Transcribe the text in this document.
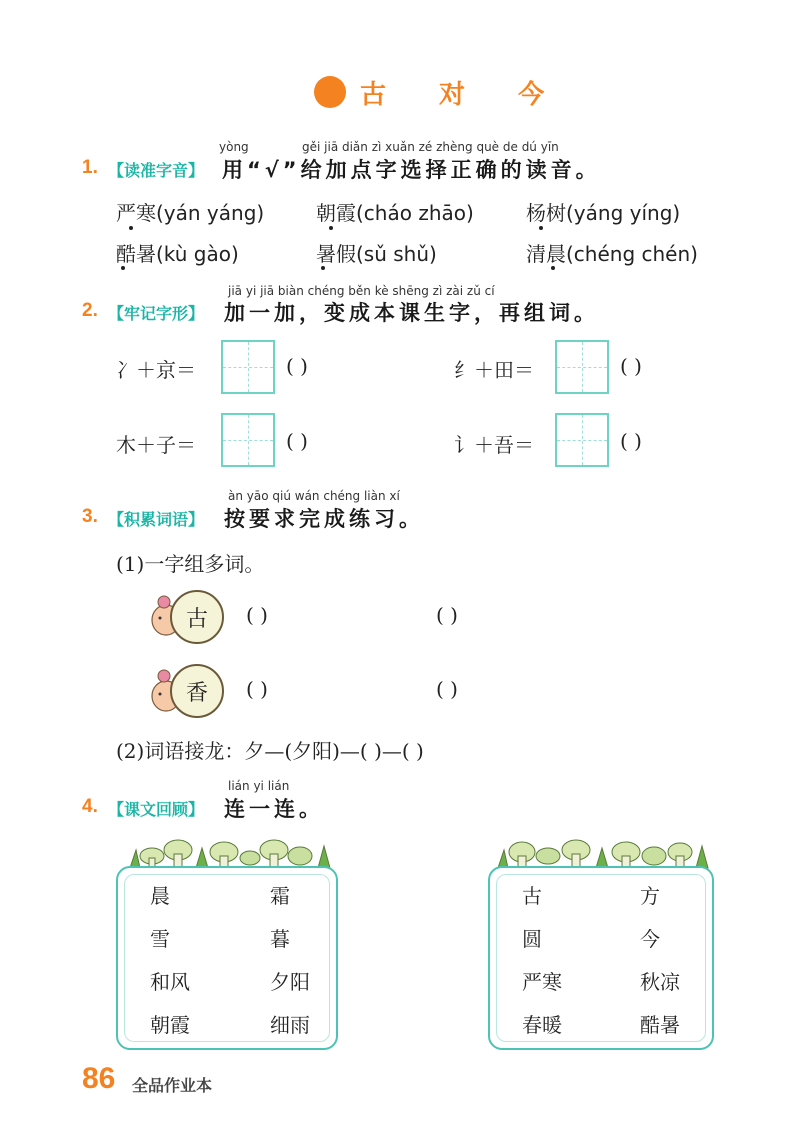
古 对 今
yòng	gěi jiā diǎn zì xuǎn zé zhèng què de dú yīn
1. 【读准字音】 用“√”给加点字选择正确的读音。
严寒(yán yáng)	朝霞(cháo zhāo)	杨树(yáng yíng)
酷暑(kù gào)	暑假(sǔ shǔ)	清晨(chéng chén)
jiā yi jiā biàn chéng běn kè shēng zì zài zǔ cí
2. 【牢记字形】 加一加，变成本课生字，再组词。
冫＋京＝	( )	纟＋田＝	( )
木＋子＝	( )	讠＋吾＝	( )
àn yāo qiú wán chéng liàn xí
3. 【积累词语】 按要求完成练习。
(1)一字组多词。
古	( )	( )
香	( )	( )
(2)词语接龙：夕—(夕阳)—( )—( )
lián yi lián
4. 【课文回顾】 连一连。
晨	霜
雪	暮
和风	夕阳
朝霞	细雨
古	方
圆	今
严寒	秋凉
春暖	酷暑
86 全品作业本
